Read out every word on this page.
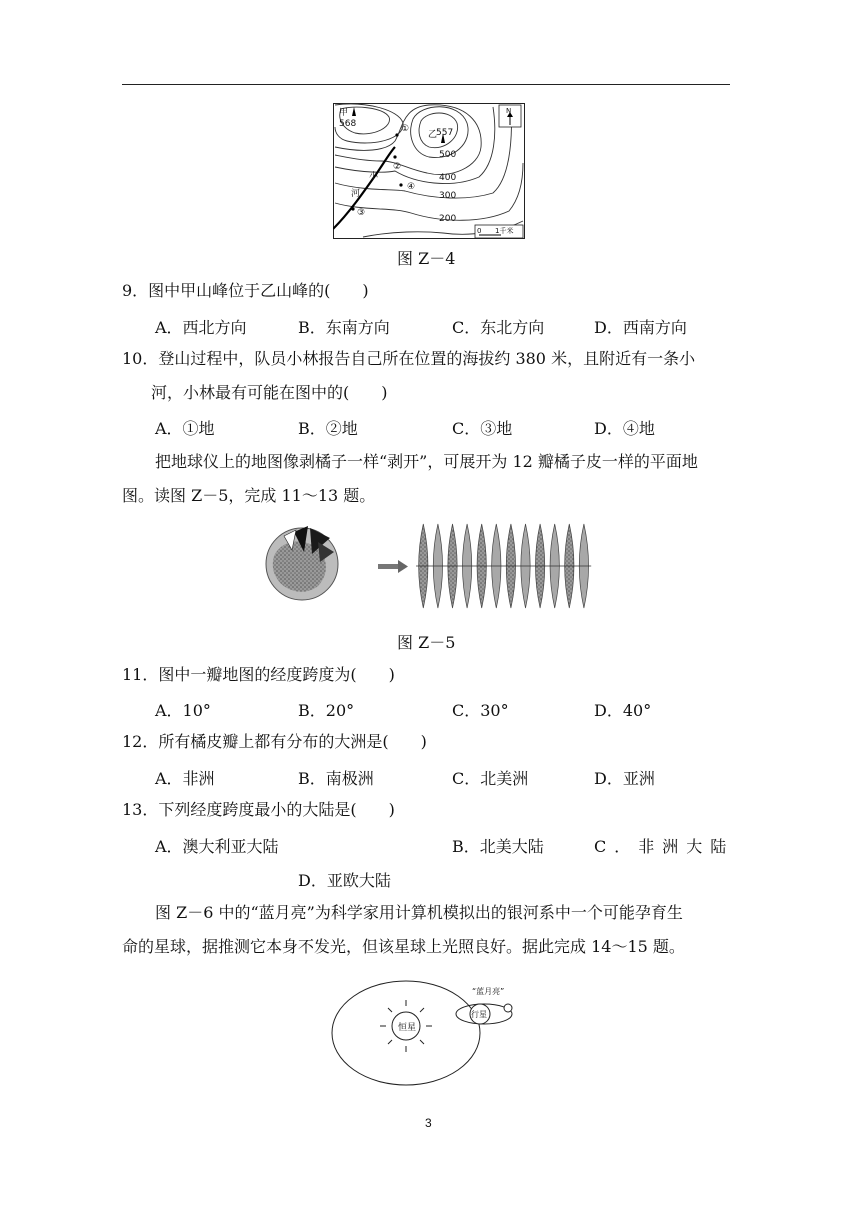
甲
568
乙
557
500
400
300
200
小
河
①
②
③
④
N
0 1千米
图 Z－4
9．图中甲山峰位于乙山峰的(　　)
A．西北方向	B．东南方向	C．东北方向	D．西南方向
10．登山过程中，队员小林报告自己所在位置的海拔约 380 米，且附近有一条小
河，小林最有可能在图中的(　　)
A．①地	B．②地	C．③地	D．④地
把地球仪上的地图像剥橘子一样“剥开”，可展开为 12 瓣橘子皮一样的平面地
图。读图 Z－5，完成 11～13 题。
图 Z－5
11．图中一瓣地图的经度跨度为(　　)
A．10°	B．20°	C．30°	D．40°
12．所有橘皮瓣上都有分布的大洲是(　　)
A．非洲	B．南极洲	C．北美洲	D．亚洲
13．下列经度跨度最小的大陆是(　　)
A．澳大利亚大陆	B．北美大陆	C．非洲大陆
D．亚欧大陆
图 Z－6 中的“蓝月亮”为科学家用计算机模拟出的银河系中一个可能孕育生
命的星球，据推测它本身不发光，但该星球上光照良好。据此完成 14～15 题。
恒星
行星
“蓝月亮”
3
